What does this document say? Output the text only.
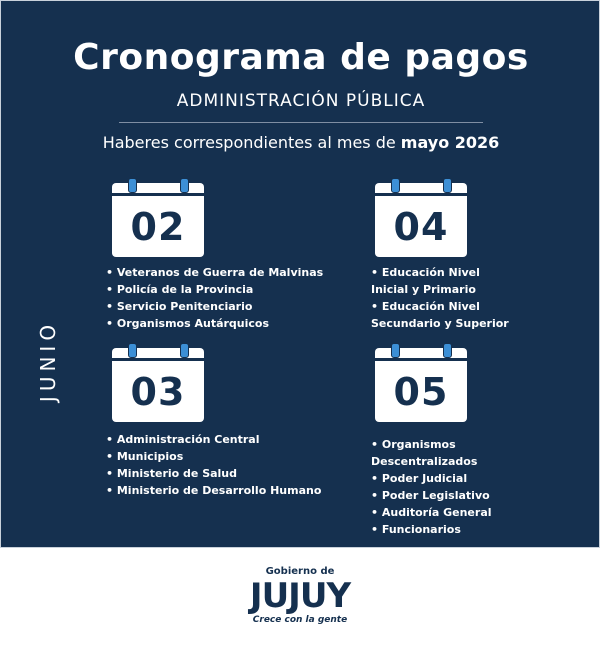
Cronograma de pagos
ADMINISTRACIÓN PÚBLICA
Haberes correspondientes al mes de mayo 2026
JUNIO
02
• Veteranos de Guerra de Malvinas
• Policía de la Provincia
• Servicio Penitenciario
• Organismos Autárquicos
04
• Educación Nivel
Inicial y Primario
• Educación Nivel
Secundario y Superior
03
• Administración Central
• Municipios
• Ministerio de Salud
• Ministerio de Desarrollo Humano
05
• Organismos
Descentralizados
• Poder Judicial
• Poder Legislativo
• Auditoría General
• Funcionarios
Gobierno de
JUJUY
Crece con la gente
